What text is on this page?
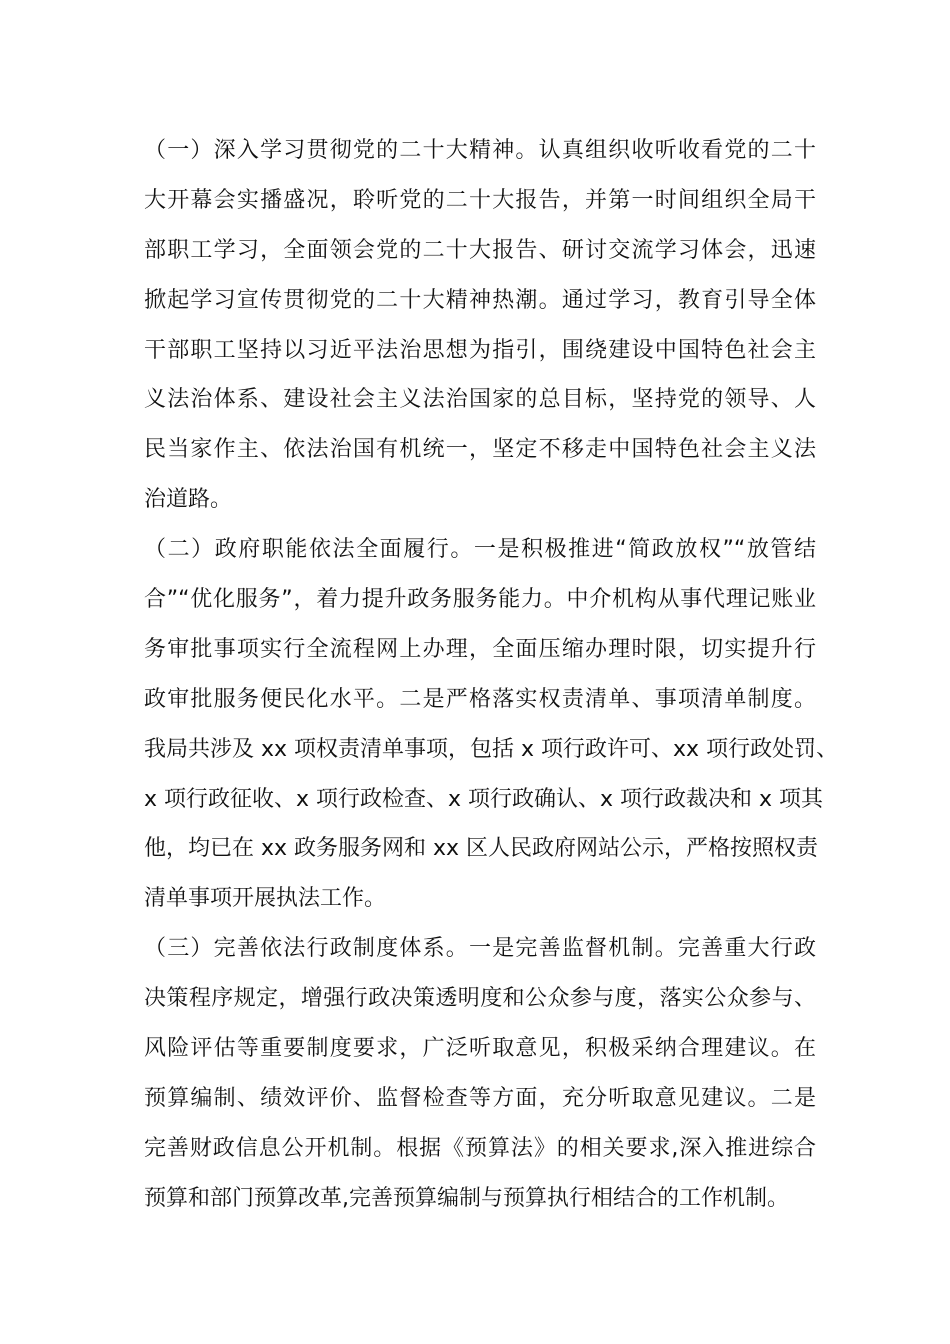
（一）深入学习贯彻党的二十大精神。认真组织收听收看党的二十
大开幕会实播盛况，聆听党的二十大报告，并第一时间组织全局干
部职工学习，全面领会党的二十大报告、研讨交流学习体会，迅速
掀起学习宣传贯彻党的二十大精神热潮。通过学习，教育引导全体
干部职工坚持以习近平法治思想为指引，围绕建设中国特色社会主
义法治体系、建设社会主义法治国家的总目标，坚持党的领导、人
民当家作主、依法治国有机统一，坚定不移走中国特色社会主义法
治道路。
（二）政府职能依法全面履行。一是积极推进“简政放权”“放管结
合”“优化服务”，着力提升政务服务能力。中介机构从事代理记账业
务审批事项实行全流程网上办理，全面压缩办理时限，切实提升行
政审批服务便民化水平。二是严格落实权责清单、事项清单制度。
我局共涉及 xx 项权责清单事项，包括 x 项行政许可、xx 项行政处罚、
x 项行政征收、x 项行政检查、x 项行政确认、x 项行政裁决和 x 项其
他，均已在 xx 政务服务网和 xx 区人民政府网站公示，严格按照权责
清单事项开展执法工作。
（三）完善依法行政制度体系。一是完善监督机制。完善重大行政
决策程序规定，增强行政决策透明度和公众参与度，落实公众参与、
风险评估等重要制度要求，广泛听取意见，积极采纳合理建议。在
预算编制、绩效评价、监督检查等方面，充分听取意见建议。二是
完善财政信息公开机制。根据《预算法》的相关要求,深入推进综合
预算和部门预算改革,完善预算编制与预算执行相结合的工作机制。
